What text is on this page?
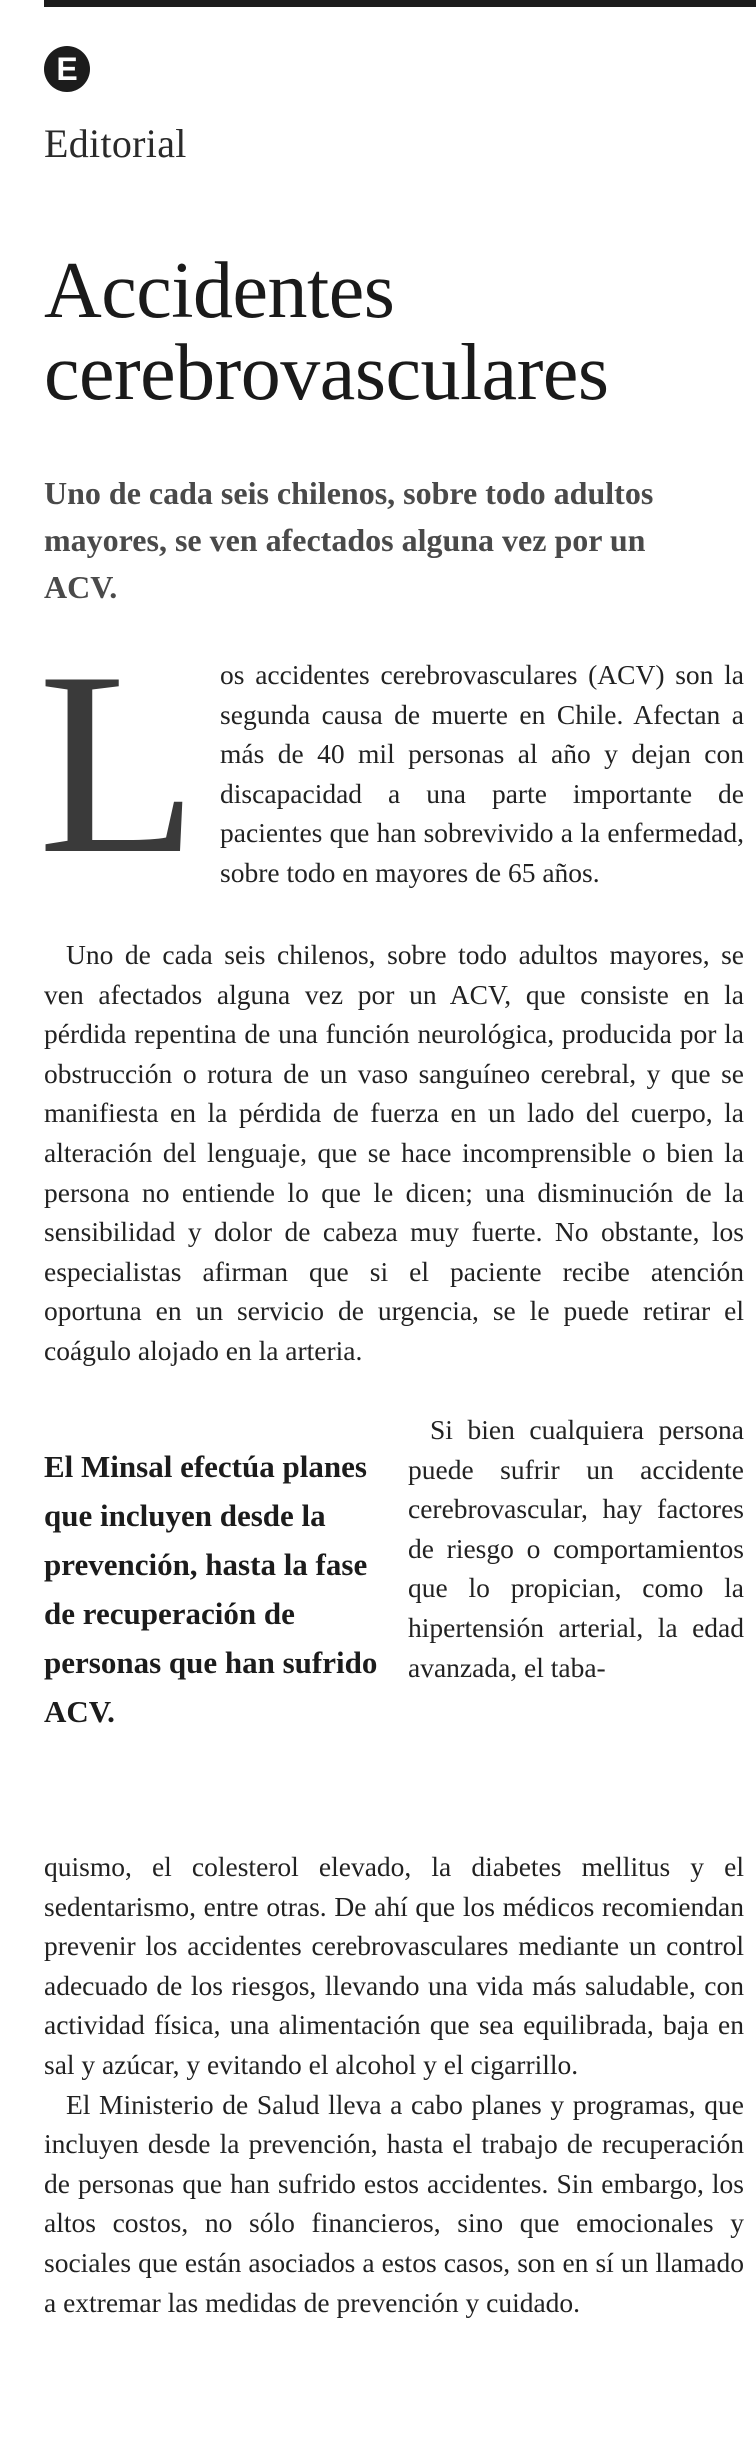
E
Editorial
Accidentes cerebrovasculares

Uno de cada seis chilenos, sobre todo adultos mayores, se ven afectados alguna vez por un ACV.

L os accidentes cerebrovasculares (ACV) son la segunda causa de muerte en Chile. Afectan a más de 40 mil personas al año y dejan con discapacidad a una parte importante de pacientes que han sobrevivido a la enfermedad, sobre todo en mayores de 65 años.

Uno de cada seis chilenos, sobre todo adultos mayores, se ven afectados alguna vez por un ACV, que consiste en la pérdida repentina de una función neurológica, producida por la obstrucción o rotura de un vaso sanguíneo cerebral, y que se manifiesta en la pérdida de fuerza en un lado del cuerpo, la alteración del lenguaje, que se hace incomprensible o bien la persona no entiende lo que le dicen; una disminución de la sensibilidad y dolor de cabeza muy fuerte. No obstante, los especialistas afirman que si el paciente recibe atención oportuna en un servicio de urgencia, se le puede retirar el coágulo alojado en la arteria.

El Minsal efectúa planes que incluyen desde la prevención, hasta la fase de recuperación de personas que han sufrido ACV.

Si bien cualquiera persona puede sufrir un accidente cerebrovascular, hay factores de riesgo o comportamientos que lo propician, como la hipertensión arterial, la edad avanzada, el taba-

quismo, el colesterol elevado, la diabetes mellitus y el sedentarismo, entre otras. De ahí que los médicos recomiendan prevenir los accidentes cerebrovasculares mediante un control adecuado de los riesgos, llevando una vida más saludable, con actividad física, una alimentación que sea equilibrada, baja en sal y azúcar, y evitando el alcohol y el cigarrillo.

El Ministerio de Salud lleva a cabo planes y programas, que incluyen desde la prevención, hasta el trabajo de recuperación de personas que han sufrido estos accidentes. Sin embargo, los altos costos, no sólo financieros, sino que emocionales y sociales que están asociados a estos casos, son en sí un llamado a extremar las medidas de prevención y cuidado.
